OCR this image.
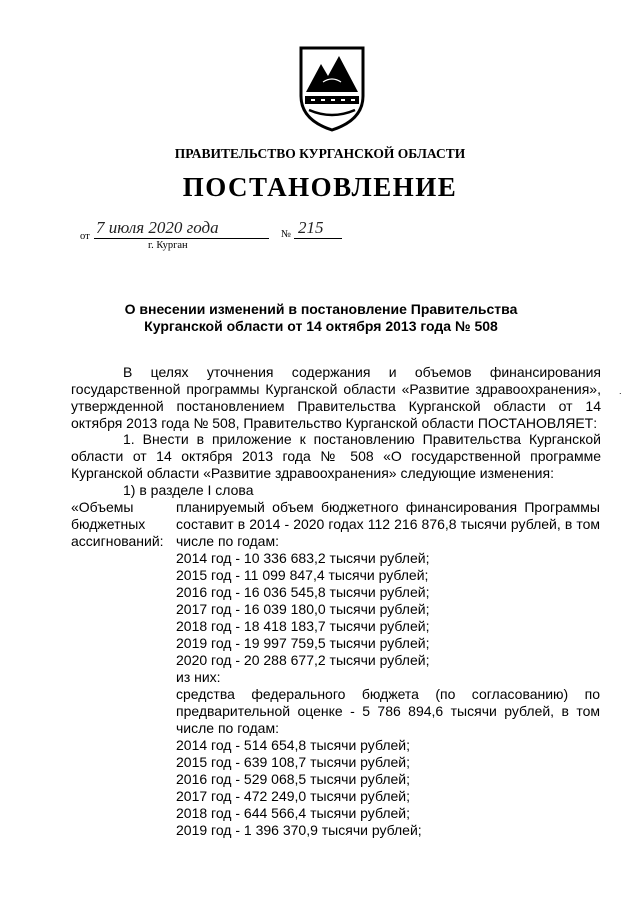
ПРАВИТЕЛЬСТВО КУРГАНСКОЙ ОБЛАСТИ
ПОСТАНОВЛЕНИЕ
от 7 июля 2020 года	№ 215
г. Курган
О внесении изменений в постановление Правительства
Курганской области от 14 октября 2013 года № 508
В целях уточнения содержания и объемов финансирования государственной программы Курганской области «Развитие здравоохранения», утвержденной постановлением Правительства Курганской области от 14 октября 2013 года № 508, Правительство Курганской области ПОСТАНОВЛЯЕТ:
1. Внести в приложение к постановлению Правительства Курганской области от 14 октября 2013 года № 508 «О государственной программе Курганской области «Развитие здравоохранения» следующие изменения:
1) в разделе I слова
«Объемы
бюджетных
ассигнований:
планируемый объем бюджетного финансирования Программы составит в 2014 - 2020 годах 112 216 876,8 тысячи рублей, в том числе по годам:
2014 год - 10 336 683,2 тысячи рублей;
2015 год - 11 099 847,4 тысячи рублей;
2016 год - 16 036 545,8 тысячи рублей;
2017 год - 16 039 180,0 тысячи рублей;
2018 год - 18 418 183,7 тысячи рублей;
2019 год - 19 997 759,5 тысячи рублей;
2020 год - 20 288 677,2 тысячи рублей;
из них:
средства федерального бюджета (по согласованию) по предварительной оценке - 5 786 894,6 тысячи рублей, в том числе по годам:
2014 год - 514 654,8 тысячи рублей;
2015 год - 639 108,7 тысячи рублей;
2016 год - 529 068,5 тысячи рублей;
2017 год - 472 249,0 тысячи рублей;
2018 год - 644 566,4 тысячи рублей;
2019 год - 1 396 370,9 тысячи рублей;
.
